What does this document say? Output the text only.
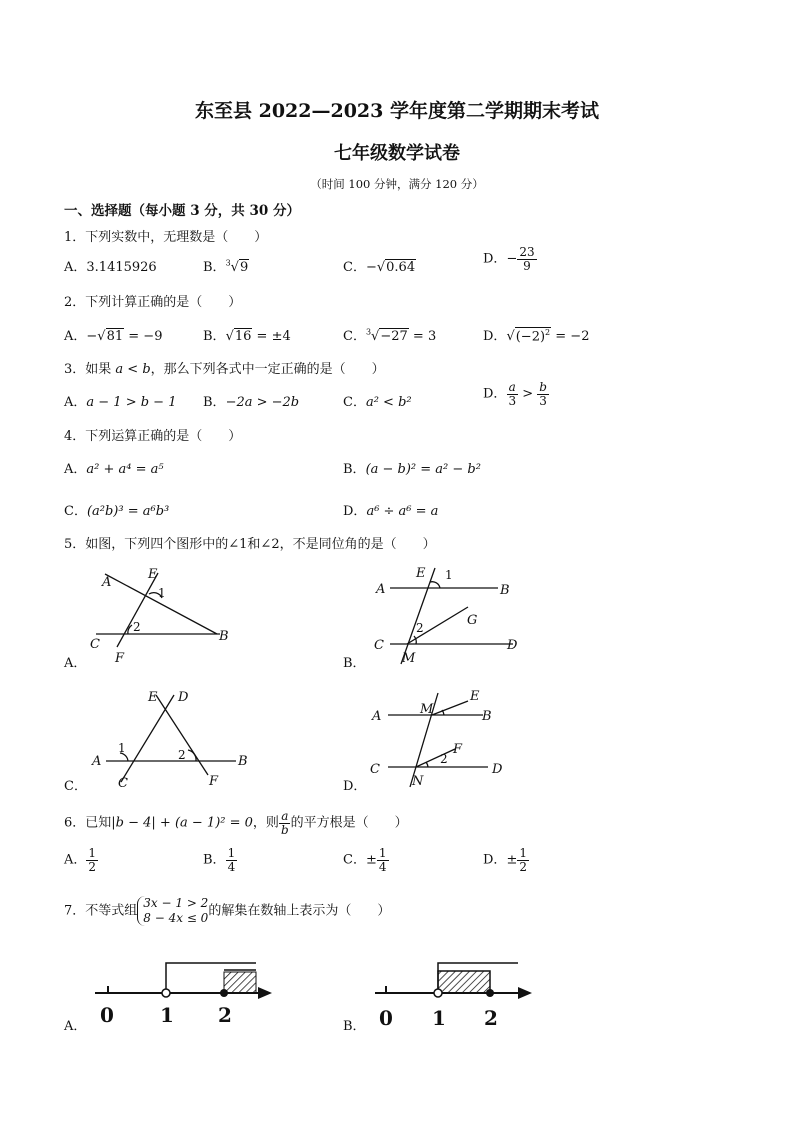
东至县 2022—2023 学年度第二学期期末考试
七年级数学试卷
（时间 100 分钟，满分 120 分）
一、选择题（每小题 3 分，共 30 分）
1．下列实数中，无理数是（　　）
A．3.1415926	B．$^3$√9	C．−√0.64
D．− $\frac{23}{9}$
2．下列计算正确的是（　　）
A．−√81 = −9	B．√16 = ±4	C．$^3$√−27 = 3	D．$√(-2)^2 = -2$
3．如果 a < b，那么下列各式中一定正确的是（　　）
A．a − 1 > b − 1 B．−2a > −2b	C．a² < b²
D． $\frac{a}{3} > \frac{b}{3}$
4．下列运算正确的是（　　）
A．a² + a⁴ = a⁵	B．(a − b)² = a² − b²
C．(a²b)³ = a⁶b³	D．a⁶ ÷ a⁶ = a
5．如图，下列四个图形中的∠1和∠2，不是同位角的是（　　）
A．
A
E
C
B
F
1
2
B．
E
A	B
G
C
M
D
1
2
C．
E D
A	B
C	F
1	2
D．
M
E
A	B
F
C	D
N
2
6．已知|b − 4| + (a − 1)² = 0，则 $\frac{a}{b}$ 的平方根是（　　）
A． $\frac{1}{2}$	B． $\frac{1}{4}$	C．± $\frac{1}{4}$	D．± $\frac{1}{2}$
7．不等式组
3x − 1 > 2
8 − 4x ≤ 0 的解集在数轴上表示为（　　）
A． 0 1 2	B． 0 1 2
